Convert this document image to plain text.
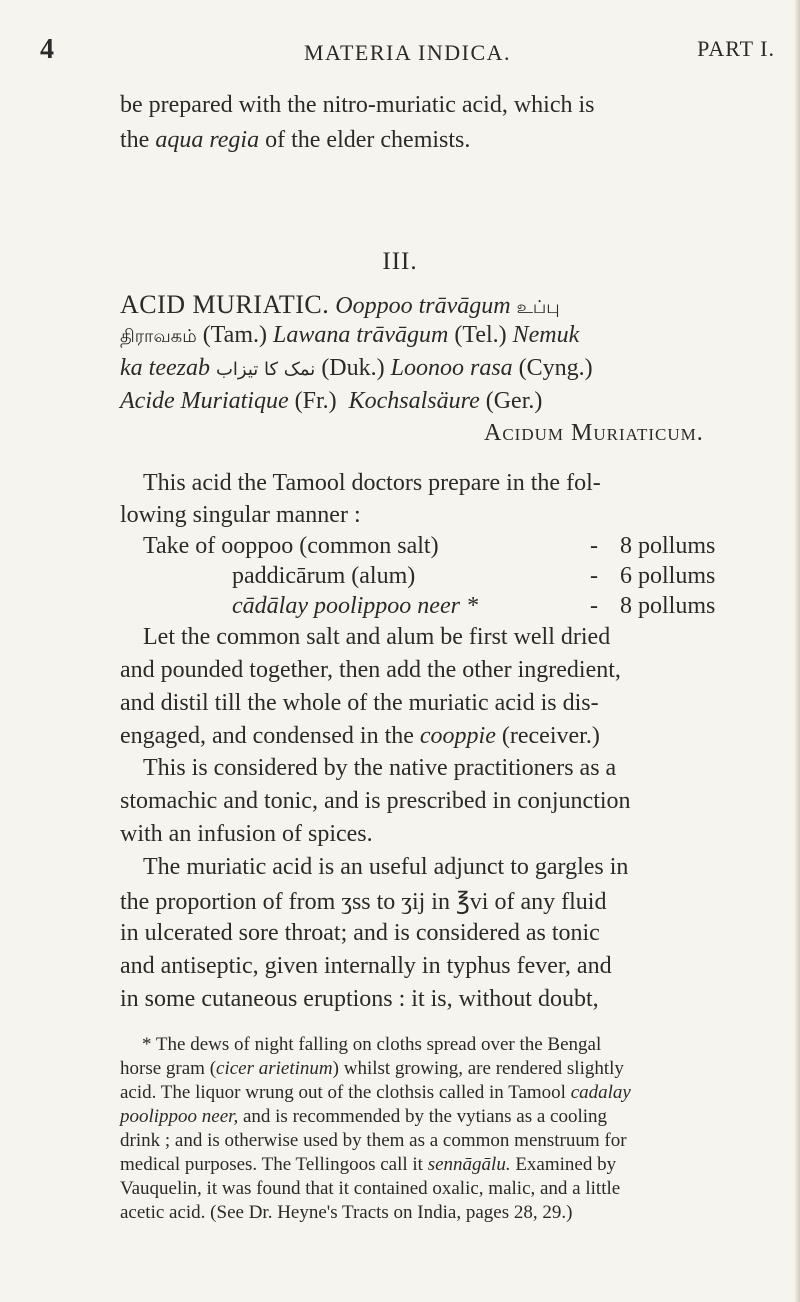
4	MATERIA INDICA.	PART I.
be prepared with the nitro-muriatic acid, which is
the aqua regia of the elder chemists.
III.
ACID MURIATIC. Ooppoo trāvāgum உப்பு
திராவகம் (Tam.) Lawana trāvāgum (Tel.) Nemuk
ka teezab نمک کا تیزاب (Duk.) Loonoo rasa (Cyng.)
Acide Muriatique (Fr.) Kochsalsäure (Ger.)
Acidum Muriaticum.
This acid the Tamool doctors prepare in the fol-
lowing singular manner :
Take of ooppoo (common salt)	- 8 pollums
paddicārum (alum)	- 6 pollums
cādālay poolippoo neer *	- 8 pollums
Let the common salt and alum be first well dried
and pounded together, then add the other ingredient,
and distil till the whole of the muriatic acid is dis-
engaged, and condensed in the cooppie (receiver.)
This is considered by the native practitioners as a
stomachic and tonic, and is prescribed in conjunction
with an infusion of spices.
The muriatic acid is an useful adjunct to gargles in
the proportion of from ʒss to ʒij in ℥vi of any fluid
in ulcerated sore throat; and is considered as tonic
and antiseptic, given internally in typhus fever, and
in some cutaneous eruptions : it is, without doubt,
* The dews of night falling on cloths spread over the Bengal
horse gram (cicer arietinum) whilst growing, are rendered slightly
acid. The liquor wrung out of the clothsis called in Tamool cadalay
poolippoo neer, and is recommended by the vytians as a cooling
drink ; and is otherwise used by them as a common menstruum for
medical purposes. The Tellingoos call it sennāgālu. Examined by
Vauquelin, it was found that it contained oxalic, malic, and a little
acetic acid. (See Dr. Heyne's Tracts on India, pages 28, 29.)
